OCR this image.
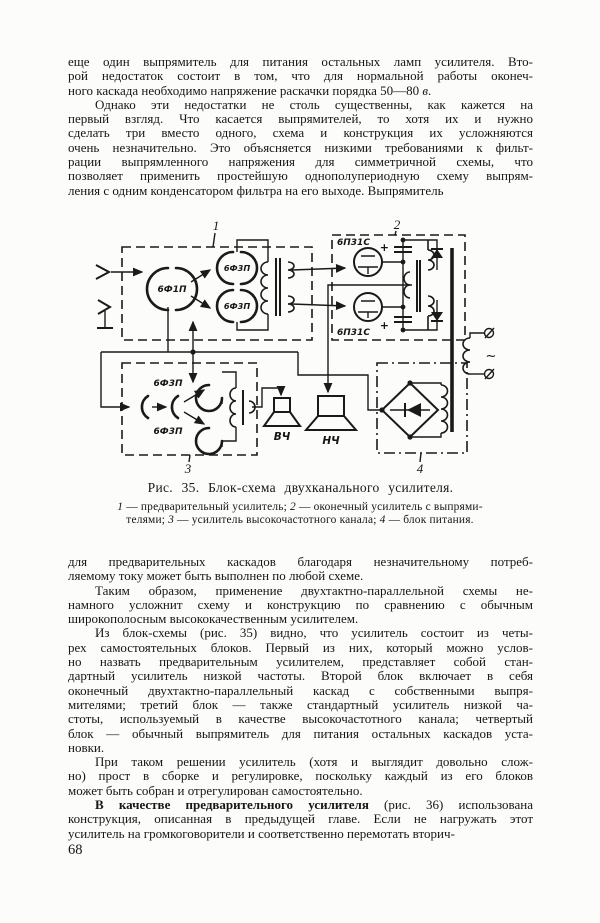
еще один выпрямитель для питания остальных ламп усилителя. Вто-
рой недостаток состоит в том, что для нормальной работы оконеч-
ного каскада необходимо напряжение раскачки порядка 50—80 в.
Однако эти недостатки не столь существенны, как кажется на
первый взгляд. Что касается выпрямителей, то хотя их и нужно
сделать три вместо одного, схема и конструкция их усложняются
очень незначительно. Это объясняется низкими требованиями к фильт-
рации выпрямленного напряжения для симметричной схемы, что
позволяет применить простейшую однополупериодную схему выпрям-
ления с одним конденсатором фильтра на его выходе. Выпрямитель
1	2
3	4
6Ф1П
6Ф3П
6Ф3П
6П31С
6П31С
+
+
~
6Ф3П
6Ф3П	ВЧ	НЧ
Рис. 35. Блок-схема двухканального усилителя.
1 — предварительный усилитель; 2 — оконечный усилитель с выпрями-
телями; 3 — усилитель высокочастотного канала; 4 — блок питания.
для предварительных каскадов благодаря незначительному потреб-
ляемому току может быть выполнен по любой схеме.
Таким образом, применение двухтактно-параллельной схемы не-
намного усложнит схему и конструкцию по сравнению с обычным
широкополосным высококачественным усилителем.
Из блок-схемы (рис. 35) видно, что усилитель состоит из четы-
рех самостоятельных блоков. Первый из них, который можно услов-
но назвать предварительным усилителем, представляет собой стан-
дартный усилитель низкой частоты. Второй блок включает в себя
оконечный двухтактно-параллельный каскад с собственными выпря-
мителями; третий блок — также стандартный усилитель низкой ча-
стоты, используемый в качестве высокочастотного канала; четвертый
блок — обычный выпрямитель для питания остальных каскадов уста-
новки.
При таком решении усилитель (хотя и выглядит довольно слож-
но) прост в сборке и регулировке, поскольку каждый из его блоков
может быть собран и отрегулирован самостоятельно.
В качестве предварительного усилителя (рис. 36) использована
конструкция, описанная в предыдущей главе. Если не нагружать этот
усилитель на громкоговорители и соответственно перемотать вторич-
68
